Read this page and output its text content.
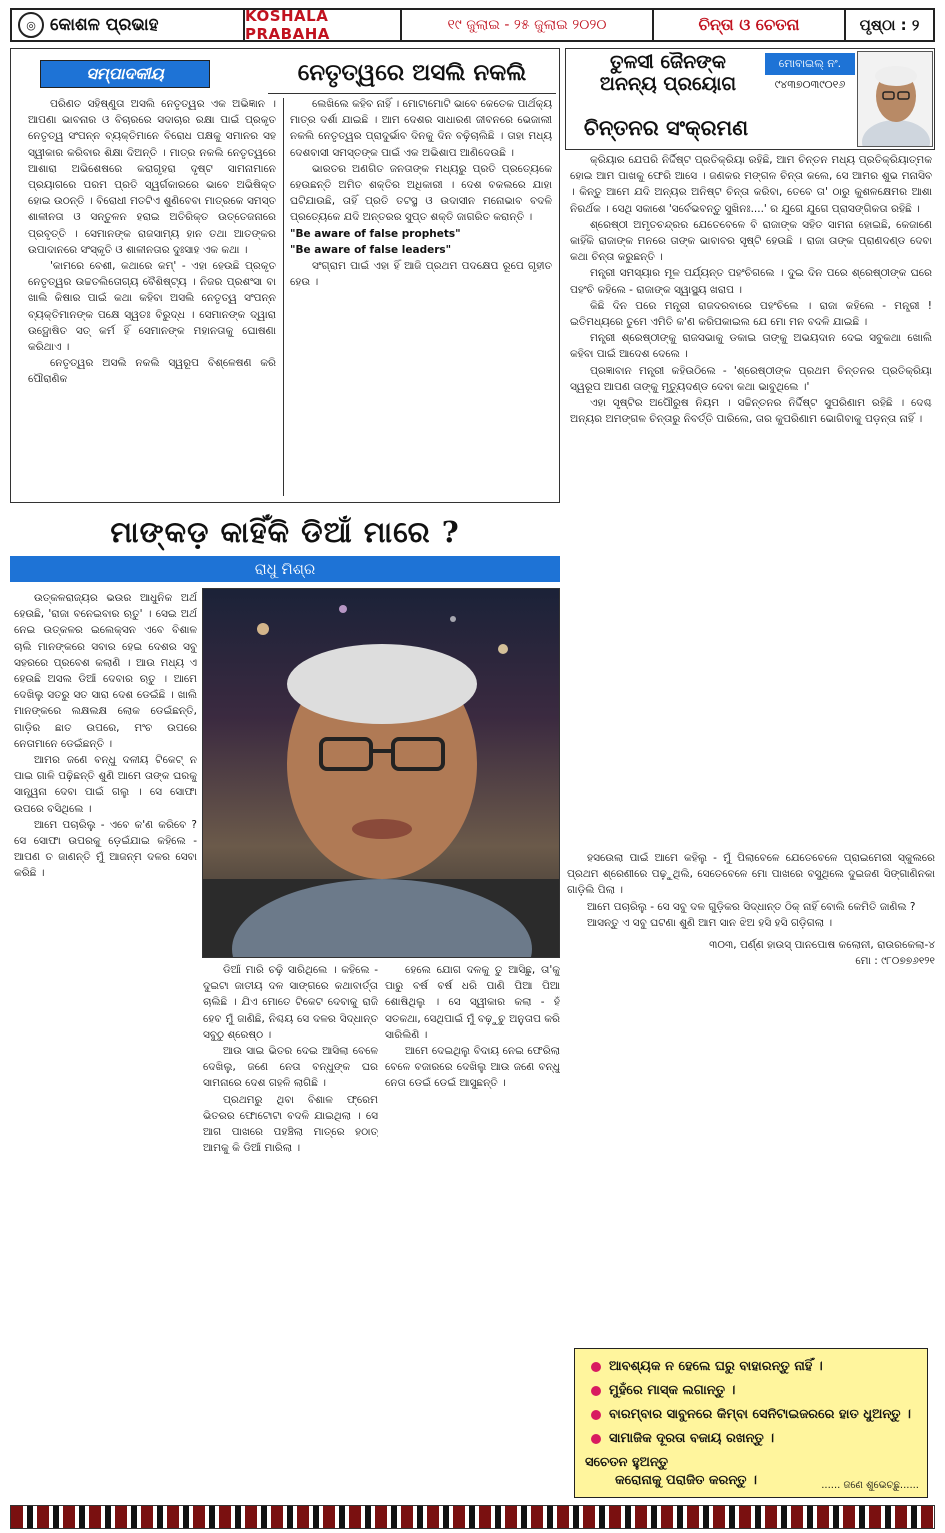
◎ କୋଶଳ ପ୍ରଭାହ	KOSHALA PRABAHA	୧୯ ଜୁଲାଇ - ୨୫ ଜୁଲାଇ ୨୦୨୦	ଚିନ୍ତା ଓ ଚେତନା	ପୃଷ୍ଠା : ୨
ସମ୍ପାଦକୀୟ	ନେତୃତ୍ୱରେ ଅସଲି ନକଲି

ପରିଣତ ସହିଷ୍ଣୁତା ଅସଲି ନେତୃତ୍ୱର ଏକ ଅଭିଜ୍ଞାନ । ଆପଣା ଭାବନାର ଓ ବିଚାରରେ ସଦାଚାର ରକ୍ଷା ପାଇଁ ପ୍ରକୃତ ନେତୃତ୍ୱ ସଂପନ୍ନ ବ୍ୟକ୍ତିମାନେ ବିରୋଧ ପକ୍ଷକୁ ସମାନର ସହ ସ୍ୱୀକାର କରିବାର ଶିକ୍ଷା ଦିଅନ୍ତି । ମାତ୍ର ନକଲି ନେତୃତ୍ୱରେ ଆଶାରା ଅଭିଶେଷରେ କରାଗୃହରା ଦୃଷ୍ଟ ସାମନାମାନେ ପ୍ରୟାଗରେ ପରମ ପ୍ରତି ସ୍ୱର୍ଗକାରରେ ଭାବେ ଅଭିଷିକ୍ତ ହୋଇ ଉଠନ୍ତି । ବିରୋଧୀ ମତଟିଏ ଶୁଣିବେବା ମାତ୍ରକେ ସମସ୍ତ ଶାଳୀନତା ଓ ସନ୍ତୁଳନ ହରାଇ ଅତିରିକ୍ତ ଉତ୍ତେଜନାରେ ପ୍ରବୃତ୍ତି । ସେମାନଙ୍କ ରାଜସାମ୍ୟ ହାନ ତଥା ଆତଙ୍କର ଉପାଦାନରେ ସଂସ୍କୃତି ଓ ଶାଳୀନତାର ଦୁଃସାହ ଏକ କଥା ।

'କାମରେ ବେଶୀ, କଥାରେ କମ୍' - ଏହା ହେଉଛି ପ୍ରକୃତ ନେତୃତ୍ୱର ଉଚ୍ଚତଲିତୋଗ୍ୟ ବୈଶିଷ୍ଟ୍ୟ । ନିଜର ପ୍ରଶଂସା ବା ଖାଲି କିଷାର ପାଇଁ କଥା କହିବା ଅସଲି ନେତୃତ୍ୱ ସଂପନ୍ନ ବ୍ୟକ୍ତିମାନଙ୍କ ପକ୍ଷେ ସ୍ୱତଃ ବିରୁଦ୍ଧ । ସେମାନଙ୍କ ଦ୍ୱାରା ଉଦ୍ଘୋଷିତ ସତ୍ କର୍ମ ହିଁ ସେମାନଙ୍କ ମହାନତାକୁ ଘୋଷଣା କରିଥାଏ ।

ନେତୃତ୍ୱର ଅସଲି ନକଲି ସ୍ୱରୂପ ବିଶ୍ଳେଷଣ କରି ପୌରାଣିକ

ଲେଖିଲେ କହିବ ନାହିଁ । ମୋଟାମୋଟି ଭାବେ କେତେକ ପାର୍ଥକ୍ୟ ମାତ୍ର ଦର୍ଶା ଯାଇଛି । ଆମ ଦେଶର ସାଧାରଣ ଜୀବନରେ ଭେଜାଲୀ ନକଲି ନେତୃତ୍ୱର ପ୍ରାଦୁର୍ଭାବ ଦିନକୁ ଦିନ ବଢ଼ିଚାଲିଛି । ତାହା ମଧ୍ୟ ଦେଶବାସୀ ସମସ୍ତଙ୍କ ପାଇଁ ଏକ ଅଭିଶାପ ଆଣିଦେଉଛି ।

ଭାରତର ଅଣଗିତ ଜନତାଙ୍କ ମଧ୍ୟରୁ ପ୍ରତି ପ୍ରତ୍ୟେକେ ହେଉଛନ୍ତି ଅମିତ ଶକ୍ତିର ଅଧିକାରୀ । ଦେଶ ବକଲରେ ଯାହା ଘଟିଯାଉଛି, ତାହିଁ ପ୍ରତି ତଟସ୍ଥ ଓ ଉଦାସୀନ ମନୋଭାବ ବଦଳି ପ୍ରତ୍ୟେକେ ଯଦି ଅନ୍ତରର ସୁପ୍ତ ଶକ୍ତି ଜାଗରିତ କରାନ୍ତି ।

"Be aware of false prophets"

"Be aware of false leaders"

ସଂଗ୍ରାମ ପାଇଁ ଏହା ହିଁ ଆଜି ପ୍ରଥମ ପଦକ୍ଷେପ ରୂପେ ଗୃହୀତ ହେଉ ।

ମାଙ୍କଡ଼ କାହିଁକି ଡିଆଁ ମାରେ ?
ରାଧୁ ମିଶ୍ର

ଉତ୍କଳରାଜ୍ୟର ଭଉର ଆଧୁନିକ ଅର୍ଥ ହେଉଛି, 'ରାଜା ବନେଇବାର ଋତୁ' । ସେଇ ଅର୍ଥ ନେଇ ଉତ୍କଳର ଇଲେକ୍ସନ ଏବେ ବିଶାଳ ଚାଲି ମାନଙ୍କରେ ସବାର ହେଇ ଦେଶର ସବୁ ସହରରେ ପ୍ରବେଶ କଲାଣି । ଆଉ ମଧ୍ୟ ଏ ହେଉଛି ଅସଲ ଡିଆଁ ଦେବାର ଋତୁ । ଆମେ ଦେଖିଲୁ ସତରୁ ସତ ସାରା ଦେଶ ଡେଇଁଛି । ଖାଲି ମାନଙ୍କରେ ଲକ୍ଷଲକ୍ଷ ଲୋକ ଡେଇଁଛନ୍ତି, ଗାଡ଼ିର ଛାତ ଉପରେ, ମଂଚ ଉପରେ ନେତାମାନେ ଡେଇଁଛନ୍ତି ।

ଆମର ଜଣେ ବନ୍ଧୁ ଦଳୀୟ ଟିକେଟ୍ ନ ପାଇ ଗାଳି ପଢ଼ିଛନ୍ତି ଶୁଣି ଆମେ ତାଙ୍କ ଘରକୁ ସାନ୍ତ୍ୱନା ଦେବା ପାଇଁ ଗଲୁ । ସେ ସୋଫା ଉପରେ ବସିଥିଲେ ।

ଆମେ ପଚାରିଲୁ - ଏବେ କ'ଣ କରିବେ ? ସେ ସୋଫା ଉପରକୁ ଡ଼େଇଁଯାଇ କହିଲେ - ଆପଣ ତ ଜାଣନ୍ତି ମୁଁ ଆଜନ୍ମ ଦଳର ସେବା କରିଛି ।

ଡିଆଁ ମାରି ଚଢ଼ି ସାରିଥିଲେ । କହିଲେ - ଦୁଇଟା ଜାତୀୟ ଦଳ ସାଙ୍ଗରେ କଥାବାର୍ତ୍ତା ଚାଲିଛି । ଯିଏ ମୋତେ ଟିକେଟ ଦେବାକୁ ରାଜି ହେବ ମୁଁ ଜାଣିଛି, ନିଶ୍ଚୟ ସେ ଦଳର ସିଦ୍ଧାନ୍ତ ସବୁଠୁ ଶ୍ରେଷ୍ଠ ।

ଆଉ ସାଇ ଭିତର ଦେଇ ଆସିଲା ବେଳେ ଦେଖିଲୁ, ଜଣେ ନେତା ବନ୍ଧୁଙ୍କ ଘର ସାମନାରେ ଦେଶ ଗହଳି ଲାଗିଛି ।

ପ୍ରଥମରୁ ଥିବା ବିଶାଳ ଫ୍ରେମ ଭିତରର ଫୋଟୋଟା ବଦଳି ଯାଇଥିଲା । ସେ ଆଗ ପାଖରେ ପହଞ୍ଚିଲା ମାତ୍ରେ ହଠାତ୍ ଆମକୁ କି ଡିଆଁ ମାରିଲା ।

ହେଲେ ଯୋଗ ଦଳକୁ ତୁ ଆସିଛୁ, ତା'କୁ ପାରୁ ବର୍ଷ ବର୍ଷ ଧରି ପାଣି ପିଆ ପିଆ ଶୋଷିଥିଲୁ । ସେ ସ୍ୱୀକାର କଲା - ହଁ ସତକଥା, ସେଥିପାଇଁ ମୁଁ ବଢ଼ୁଚୁ ଅନୁତାପ କରି ସାରିଲିଣି ।

ଆମେ ଦେଇଥିଲୁ ବିଦାୟ ନେଇ ଫେରିଲା ବେଳେ ବଜାରରେ ଦେଖିଲୁ ଆଉ ଜଣେ ବନ୍ଧୁ ନେତା ଡେଇଁ ଡେଇଁ ଆସୁଛନ୍ତି ।

ହସଉେଲା ପାଇଁ ଆମେ କହିଲୁ - ମୁଁ ପିଲାବେଳେ ଯେତେବେଳେ ପ୍ରାଇମେରୀ ସ୍କୁଲରେ ପ୍ରଥମ ଶ୍ରେଣୀରେ ପଢ଼ୁଥିଲି, ସେତେବେଳେ ମୋ ପାଖରେ ବସୁଥିଲେ ଦୁଇଜଣ ସିଙ୍ଗାଣିନକା ଗାଡ଼ିଲି ପିଲା ।

ଆମେ ପଚାରିଲୁ - ସେ ସବୁ ଦଳ ଗୁଡ଼ିକର ସିଦ୍ଧାନ୍ତ ଠିକ୍ ନାହିଁ ବୋଲି କେମିତି ଜାଣିଲ ?

ଆସନ୍ତୁ ଏ ସବୁ ଘଟଣା ଶୁଣି ଆମ ସାନ ଝିଅ ହସି ହସି ଗଡ଼ିଗଲା ।

୩୦୩, ପର୍ଣ୍ଣ ହାଉସ୍ ପାନପୋଷ କଲୋନୀ, ରାଉରକେଲା-୪

ମୋ : ୯୮୦୭୭୬୧୨୧

ତୁଳସୀ ଜୈନଙ୍କ
ଅନନ୍ୟ ପ୍ରୟୋଗ
ମୋବାଇଲ୍ ନଂ.
୯୪୩୭୦୩୯୦୧୬
ଚିନ୍ତନର ସଂକ୍ରମଣ

କ୍ରିୟାର ଯେପରି ନିର୍ଦ୍ଦିଷ୍ଟ ପ୍ରତିକ୍ରିୟା ରହିଛି, ଆମ ଚିନ୍ତନ ମଧ୍ୟ ପ୍ରତିକ୍ରିୟାତ୍ମକ ହୋଇ ଆମ ପାଖକୁ ଫେରି ଆସେ । ଜଣକର ମଙ୍ଗଳ ଚିନ୍ତା କଲେ, ସେ ଆମର ଶୁଭ ମନାସିବ । କିନ୍ତୁ ଆମେ ଯଦି ଅନ୍ୟର ଅନିଷ୍ଟ ଚିନ୍ତା କରିବା, ତେବେ ତା' ଠାରୁ କୁଶଳକ୍ଷେମର ଆଶା ନିରର୍ଥକ । ସେଥି ସକାଶେ 'ସର୍ବେଭବନ୍ତୁ ସୁଖିନଃ....' ର ଯୁଗେ ଯୁଗେ ପ୍ରାସଙ୍ଗିକତା ରହିଛି ।

ଶ୍ରେଷ୍ଠୀ ଅମୃତଚନ୍ଦ୍ରର ଯେତେବେଳେ ବି ରାଜାଙ୍କ ସହିତ ସାମନା ହୋଇଛି, କେଜାଣେ କାହିଁକି ରାଜାଙ୍କ ମନରେ ତାଙ୍କ ଭାବାବର ସୃଷ୍ଟି ହେଉଛି । ରାଜା ତାଙ୍କ ପ୍ରାଣଦଣ୍ଡ ଦେବା କଥା ଚିନ୍ତା କରୁଛନ୍ତି ।

ମନ୍ତ୍ରୀ ସମସ୍ୟାର ମୂଳ ପର୍ଯ୍ୟନ୍ତ ପହଂଚିଗଲେ । ଦୁଇ ଦିନ ପରେ ଶ୍ରେଷ୍ଠୀଙ୍କ ଘରେ ପହଂଚି କହିଲେ - ରାଜାଙ୍କ ସ୍ୱାସ୍ଥ୍ୟ ଖରାପ ।

କିଛି ଦିନ ପରେ ମନ୍ତ୍ରୀ ରାଜଦରବାରେ ପହଂଚିଲେ । ରାଜା କହିଲେ - ମନ୍ତ୍ରୀ ! ଇତିମଧ୍ୟରେ ତୁମେ ଏମିତି କ'ଣ କରିପକାଇଲ ଯେ ମୋ ମନ ବଦଳି ଯାଇଛି ।

ମନ୍ତ୍ରୀ ଶ୍ରେଷ୍ଠୀଙ୍କୁ ରାଜସଭାକୁ ଡକାଇ ତାଙ୍କୁ ଅଭୟଦାନ ଦେଇ ସବୁକଥା ଖୋଲି କହିବା ପାଇଁ ଆଦେଶ ଦେଲେ ।

ପ୍ରଜ୍ଞାବାନ ମନ୍ତ୍ରୀ କହିଉଠିଲେ - 'ଶ୍ରେଷ୍ଠୀଙ୍କ ପ୍ରଥମ ଚିନ୍ତନର ପ୍ରତିକ୍ରିୟା ସ୍ୱରୂପ ଆପଣ ତାଙ୍କୁ ମୃତ୍ୟୁଦଣ୍ଡ ଦେବା କଥା ଭାବୁଥିଲେ ।'

ଏହା ସୃଷ୍ଟିର ଅପୌରୁଷ ନିୟମ । ସଚ୍ଚିନ୍ତନର ନିର୍ଦ୍ଦିଷ୍ଟ ସୁପରିଣାମ ରହିଛି । ଦେଶ୍ଚ ଅନ୍ୟର ଅମଙ୍ଗଳ ଚିନ୍ତାରୁ ନିବର୍ତ୍ତି ପାରିଲେ, ତାର କୁପରିଣାମ ଭୋଗିବାକୁ ପଡ଼ନ୍ତା ନାହିଁ ।

ଆବଶ୍ୟକ ନ ହେଲେ ଘରୁ ବାହାରନ୍ତୁ ନାହିଁ ।
ମୁହଁରେ ମାସ୍କ ଲଗାନ୍ତୁ ।
ବାରମ୍ବାର ସାବୁନରେ କିମ୍ବା ସେନିଟାଇଜରରେ ହାତ ଧୁଅନ୍ତୁ ।
ସାମାଜିକ ଦୂରତା ବଜାୟ ରଖନ୍ତୁ ।
ସଚେତନ ହୁଅନ୍ତୁ
କରୋନାକୁ ପରାଜିତ କରନ୍ତୁ ।	...... ଜଣେ ଶୁଭେଚ୍ଛୁ......
